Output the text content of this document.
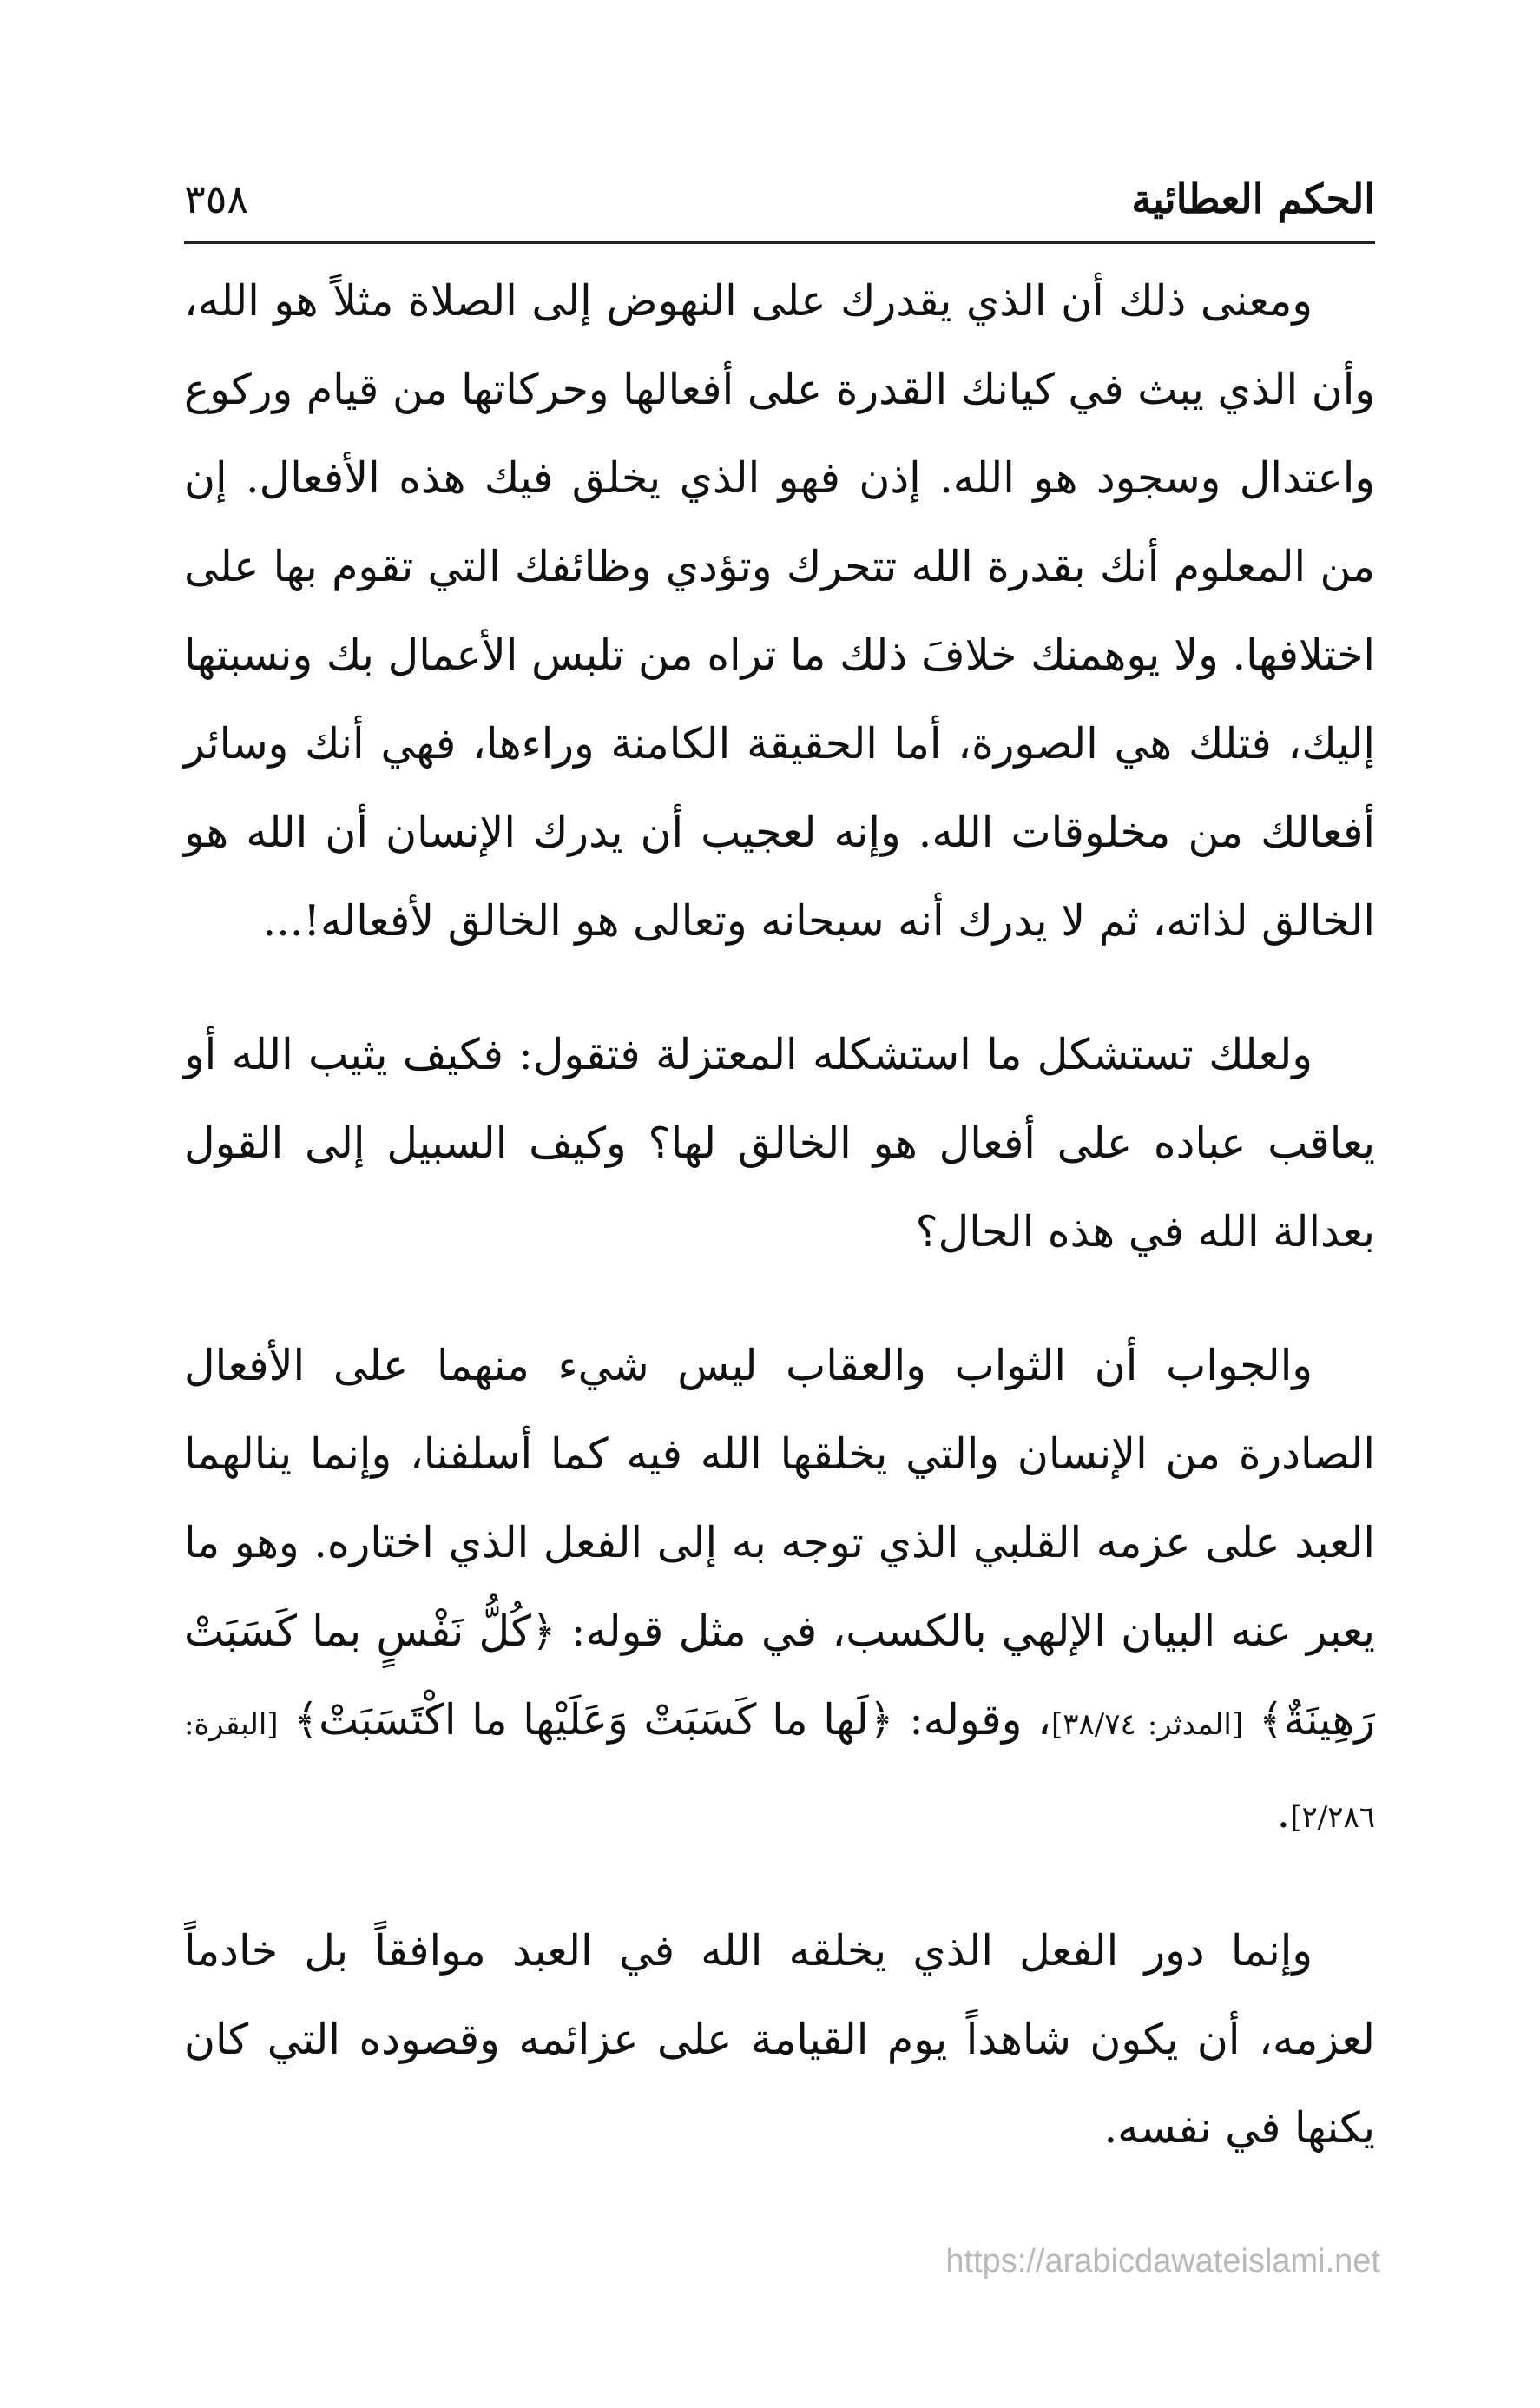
الحكم العطائية
٣٥٨

ومعنى ذلك أن الذي يقدرك على النهوض إلى الصلاة مثلاً هو الله، وأن الذي يبث في كيانك القدرة على أفعالها وحركاتها من قيام وركوع واعتدال وسجود هو الله. إذن فهو الذي يخلق فيك هذه الأفعال. إن من المعلوم أنك بقدرة الله تتحرك وتؤدي وظائفك التي تقوم بها على اختلافها. ولا يوهمنك خلافَ ذلك ما تراه من تلبس الأعمال بك ونسبتها إليك، فتلك هي الصورة، أما الحقيقة الكامنة وراءها، فهي أنك وسائر أفعالك من مخلوقات الله. وإنه لعجيب أن يدرك الإنسان أن الله هو الخالق لذاته، ثم لا يدرك أنه سبحانه وتعالى هو الخالق لأفعاله!...

ولعلك تستشكل ما استشكله المعتزلة فتقول: فكيف يثيب الله أو يعاقب عباده على أفعال هو الخالق لها؟ وكيف السبيل إلى القول بعدالة الله في هذه الحال؟

والجواب أن الثواب والعقاب ليس شيء منهما على الأفعال الصادرة من الإنسان والتي يخلقها الله فيه كما أسلفنا، وإنما ينالهما العبد على عزمه القلبي الذي توجه به إلى الفعل الذي اختاره. وهو ما يعبر عنه البيان الإلهي بالكسب، في مثل قوله: ﴿كُلُّ نَفْسٍ بما كَسَبَتْ رَهِينَةٌ﴾ [المدثر: ٣٨/٧٤]، وقوله: ﴿لَها ما كَسَبَتْ وَعَلَيْها ما اكْتَسَبَتْ﴾ [البقرة: ٢/٢٨٦].

وإنما دور الفعل الذي يخلقه الله في العبد موافقاً بل خادماً لعزمه، أن يكون شاهداً يوم القيامة على عزائمه وقصوده التي كان يكنها في نفسه.

https://arabicdawateislami.net
